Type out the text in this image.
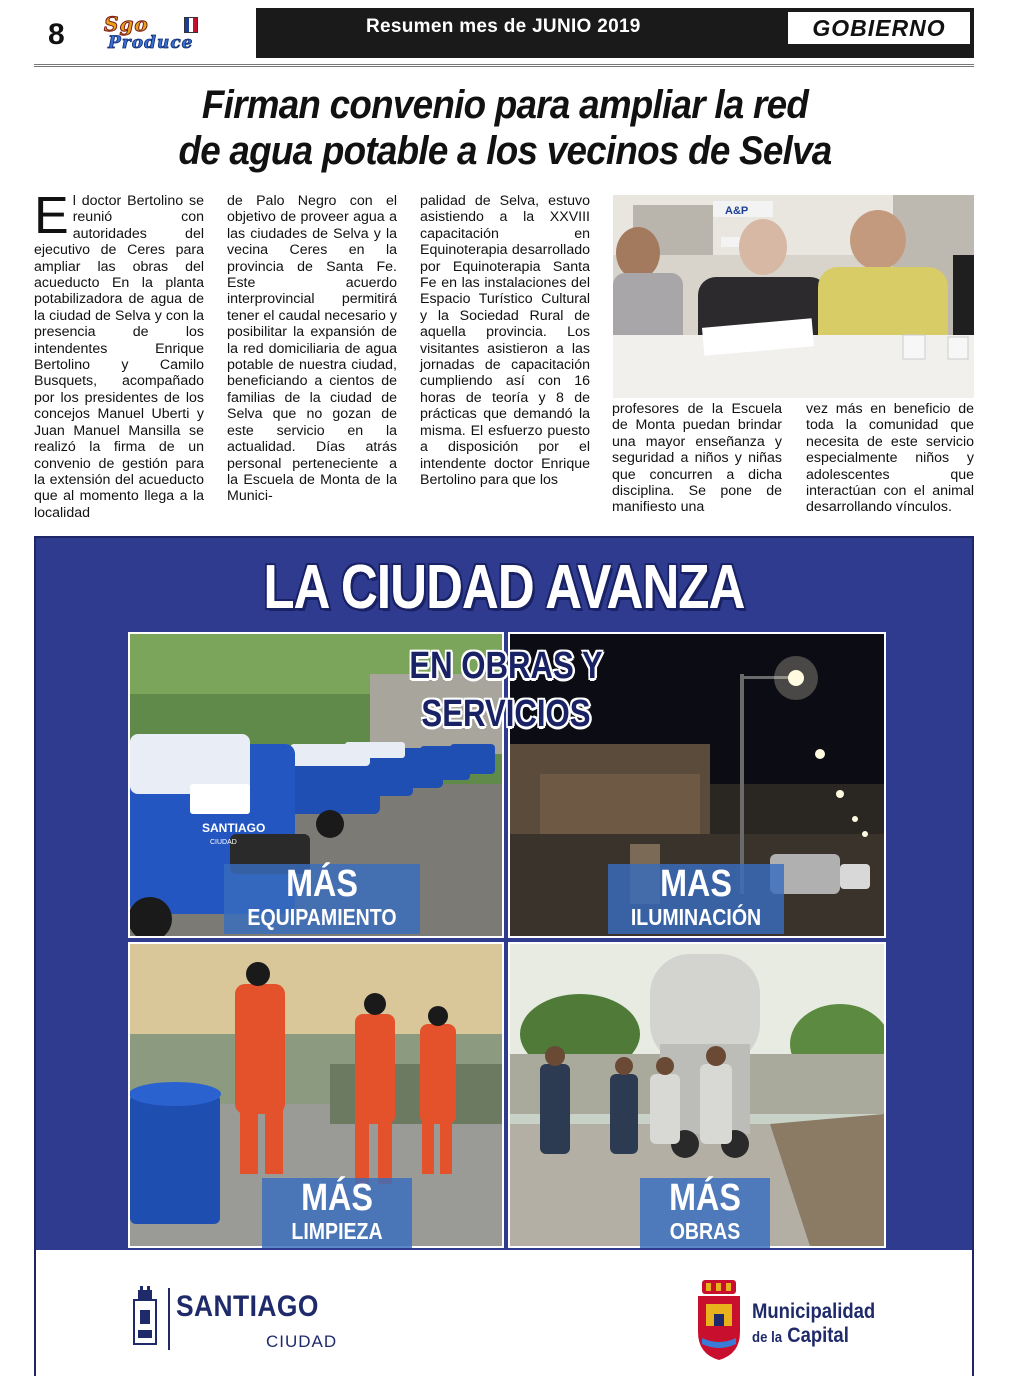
8 Sgo
Produce
Resumen mes de JUNIO 2019	GOBIERNO
Firman convenio para ampliar la red
de agua potable a los vecinos de Selva
El doctor Bertolino se reunió con autoridades del ejecutivo de Ceres para ampliar las obras del acueducto En la planta potabilizadora de agua de la ciudad de Selva y con la presencia de los intendentes Enrique Bertolino y Camilo Busquets, acompañado por los presidentes de los concejos Manuel Uberti y Juan Manuel Mansilla se realizó la firma de un convenio de gestión para la extensión del acueducto que al momento llega a la localidad
de Palo Negro con el objetivo de proveer agua a las ciudades de Selva y la vecina Ceres en la provincia de Santa Fe. Este acuerdo interprovincial permitirá tener el caudal necesario y posibilitar la expansión de la red domiciliaria de agua potable de nuestra ciudad, beneficiando a cientos de familias de la ciudad de Selva que no gozan de este servicio en la actualidad. Días atrás personal perteneciente a la Escuela de Monta de la Munici-
palidad de Selva, estuvo asistiendo a la XXVIII capacitación en Equinoterapia desarrollado por Equinoterapia Santa Fe en las instalaciones del Espacio Turístico Cultural y la Sociedad Rural de aquella provincia. Los visitantes asistieron a las jornadas de capacitación cumpliendo así con 16 horas de teoría y 8 de prácticas que demandó la misma. El esfuerzo puesto a disposición por el intendente doctor Enrique Bertolino para que los
profesores de la Escuela de Monta puedan brindar una mayor enseñanza y seguridad a niños y niñas que concurren a dicha disciplina. Se pone de manifiesto una
vez más en beneficio de toda la comunidad que necesita de este servicio especialmente niños y adolescentes que interactúan con el animal desarrollando vínculos.
A&P
LA CIUDAD AVANZA
SANTIAGO
CIUDAD
EN OBRAS Y SERVICIOS
MÁS
EQUIPAMIENTO
MAS
ILUMINACIÓN
MÁS
LIMPIEZA
MÁS
OBRAS
SANTIAGO
CIUDAD
Municipalidad
de la Capital
